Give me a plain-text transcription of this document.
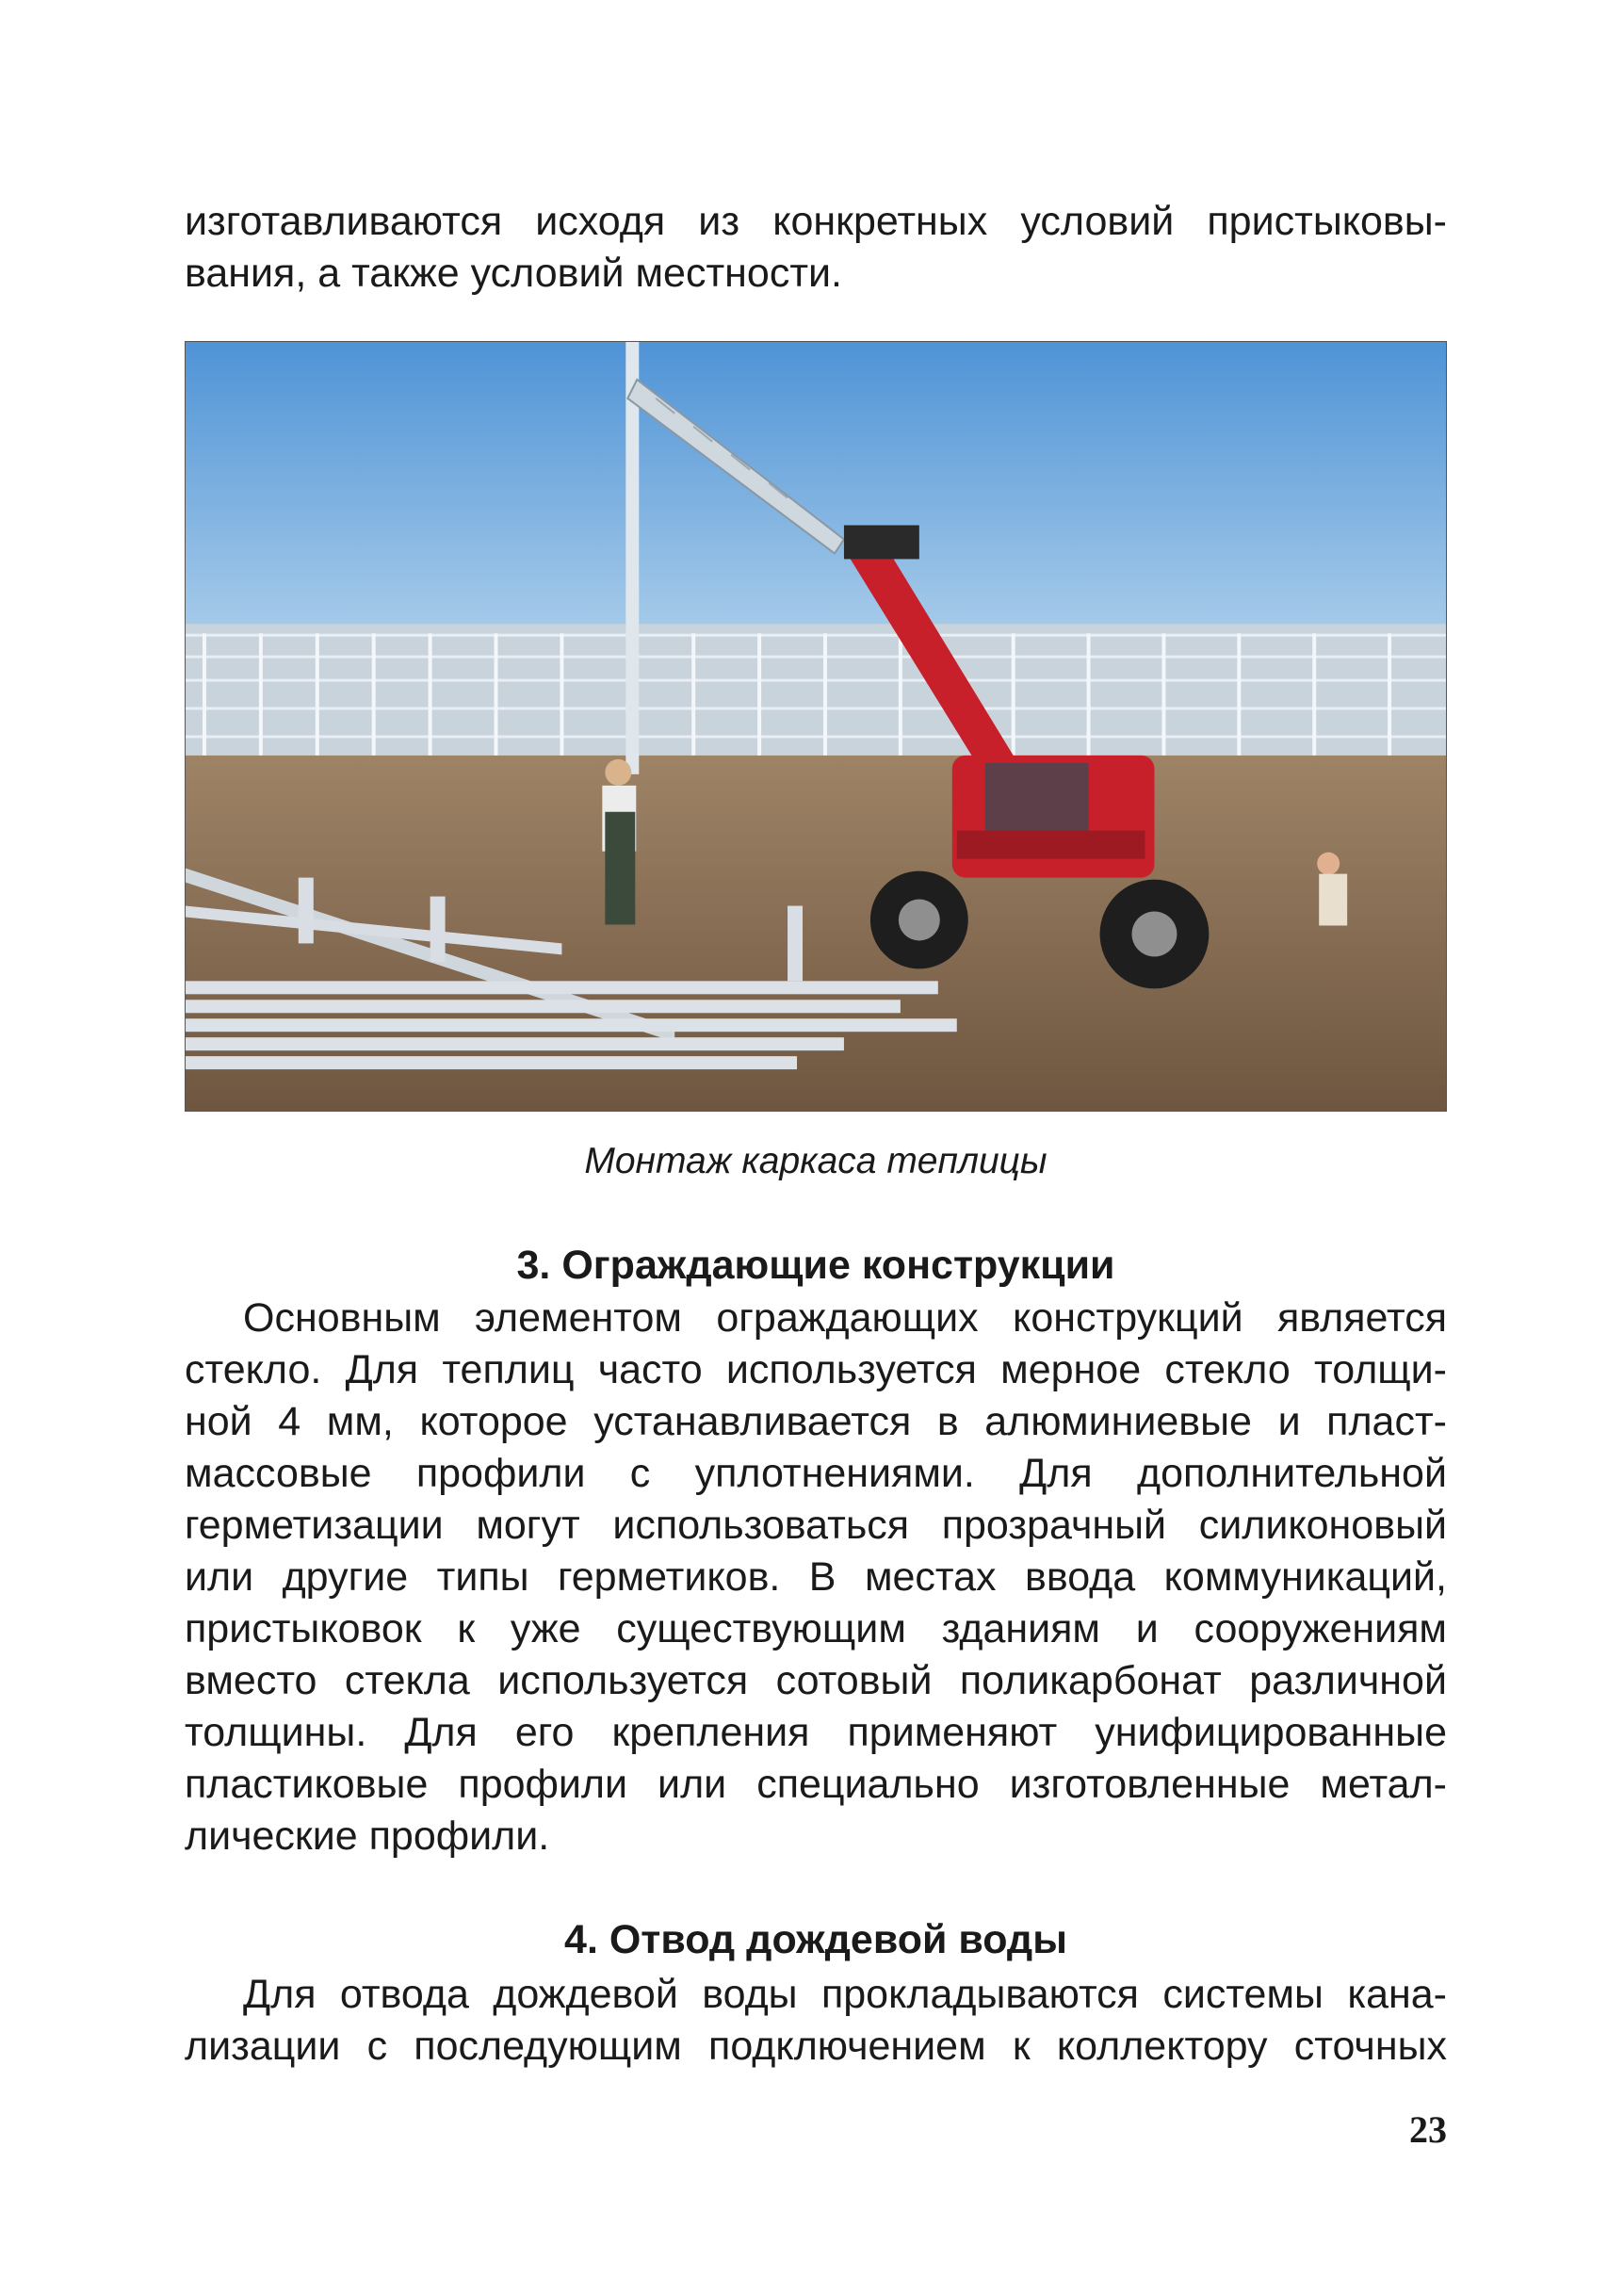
изготавливаются исходя из конкретных условий пристыковы-
вания, а также условий местности.
Монтаж каркаса теплицы
3. Ограждающие конструкции
Основным элементом ограждающих конструкций является
стекло. Для теплиц часто используется мерное стекло толщи-
ной 4 мм, которое устанавливается в алюминиевые и пласт-
массовые профили с уплотнениями. Для дополнительной
герметизации могут использоваться прозрачный силиконовый
или другие типы герметиков. В местах ввода коммуникаций,
пристыковок к уже существующим зданиям и сооружениям
вместо стекла используется сотовый поликарбонат различной
толщины. Для его крепления применяют унифицированные
пластиковые профили или специально изготовленные метал-
лические профили.
4. Отвод дождевой воды
Для отвода дождевой воды прокладываются системы кана-
лизации с последующим подключением к коллектору сточных
23
